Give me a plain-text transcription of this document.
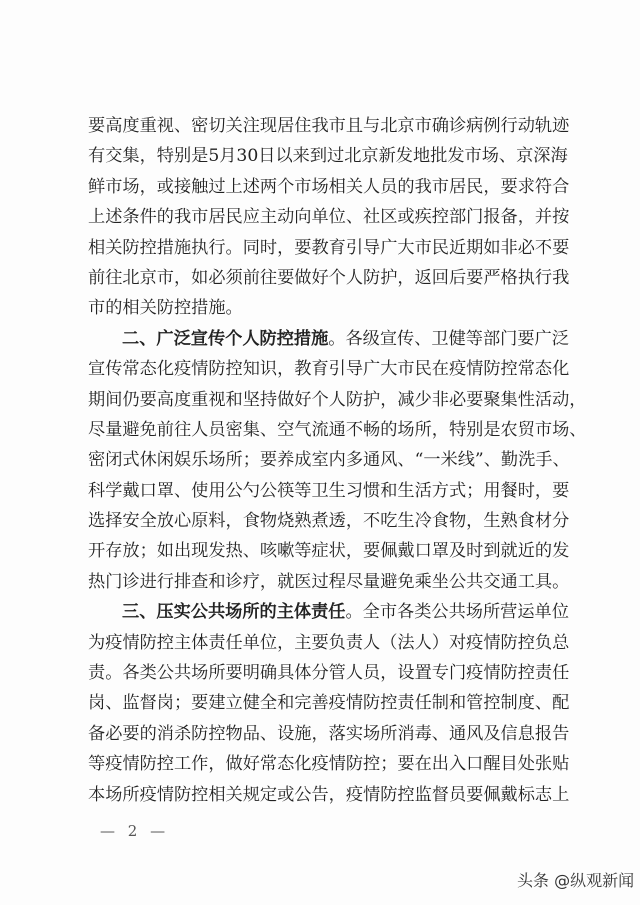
要高度重视、密切关注现居住我市且与北京市确诊病例行动轨迹
有交集，特别是5月30日以来到过北京新发地批发市场、京深海
鲜市场，或接触过上述两个市场相关人员的我市居民，要求符合
上述条件的我市居民应主动向单位、社区或疾控部门报备，并按
相关防控措施执行。同时，要教育引导广大市民近期如非必不要
前往北京市，如必须前往要做好个人防护，返回后要严格执行我
市的相关防控措施。
二、广泛宣传个人防控措施。各级宣传、卫健等部门要广泛
宣传常态化疫情防控知识，教育引导广大市民在疫情防控常态化
期间仍要高度重视和坚持做好个人防护，减少非必要聚集性活动，
尽量避免前往人员密集、空气流通不畅的场所，特别是农贸市场、
密闭式休闲娱乐场所；要养成室内多通风、“一米线”、勤洗手、
科学戴口罩、使用公勺公筷等卫生习惯和生活方式；用餐时，要
选择安全放心原料，食物烧熟煮透，不吃生冷食物，生熟食材分
开存放；如出现发热、咳嗽等症状，要佩戴口罩及时到就近的发
热门诊进行排查和诊疗，就医过程尽量避免乘坐公共交通工具。
三、压实公共场所的主体责任。全市各类公共场所营运单位
为疫情防控主体责任单位，主要负责人（法人）对疫情防控负总
责。各类公共场所要明确具体分管人员，设置专门疫情防控责任
岗、监督岗；要建立健全和完善疫情防控责任制和管控制度、配
备必要的消杀防控物品、设施，落实场所消毒、通风及信息报告
等疫情防控工作，做好常态化疫情防控；要在出入口醒目处张贴
本场所疫情防控相关规定或公告，疫情防控监督员要佩戴标志上
— 2 —
头条 @纵观新闻
